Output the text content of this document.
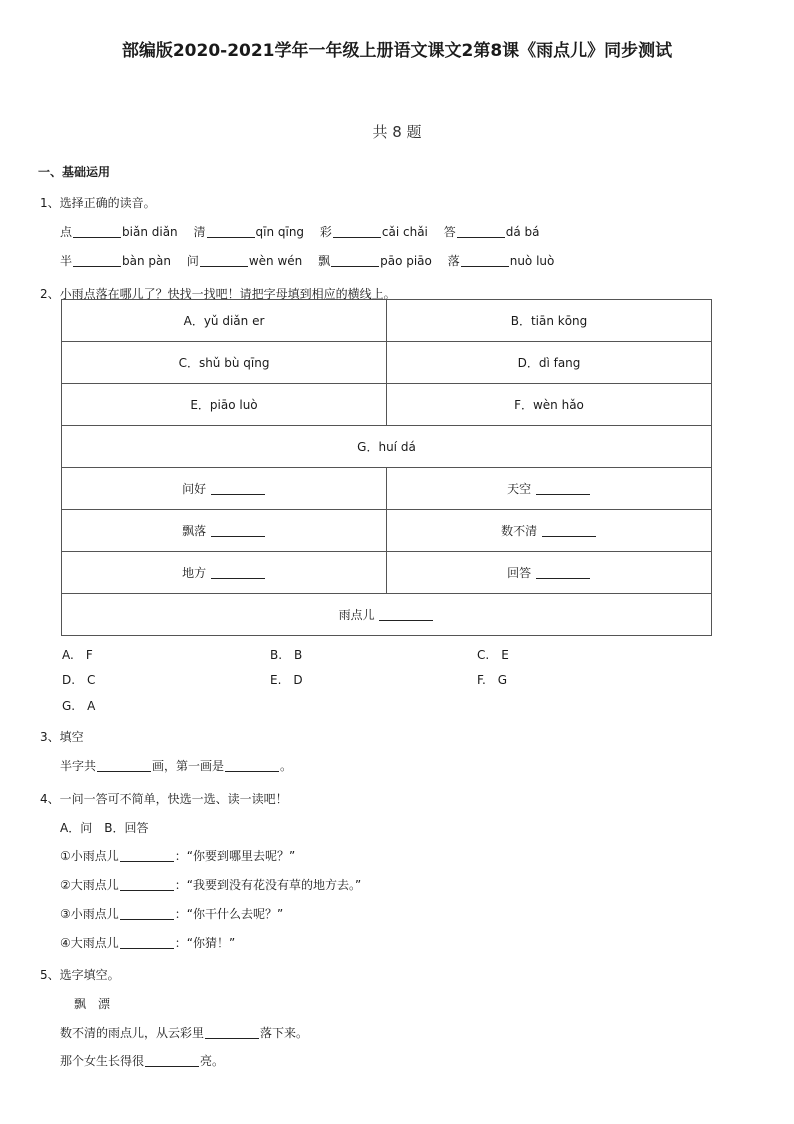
部编版2020-2021学年一年级上册语文课文2第8课《雨点儿》同步测试
共 8 题
一、基础运用
1、选择正确的读音。
点	biǎn diǎn 清	qīn qīng 彩	cǎi chǎi 答	dá bá
半	bàn pàn 问	wèn wén 飘	pāo piāo 落	nuò luò
2、小雨点落在哪儿了？快找一找吧！请把字母填到相应的横线上。
A．yǔ diǎn er	B．tiān kōng
C．shǔ bù qīng	D．dì fang
E．piāo luò	F．wèn hǎo
G．huí dá	
问好	天空
飘落	数不清
地方	回答
雨点儿	
A.　F	B.　B	C.　E
D.　C	E.　D	F.　G
G.　A
3、填空
半字共	画，第一画是	。
4、一问一答可不简单，快选一选、读一读吧！
A．问　B．回答
①小雨点儿	：“你要到哪里去呢？”
②大雨点儿	：“我要到没有花没有草的地方去。”
③小雨点儿	：“你干什么去呢？”
④大雨点儿	：“你猜！”
5、选字填空。
飘　漂
数不清的雨点儿，从云彩里	落下来。
那个女生长得很	亮。
